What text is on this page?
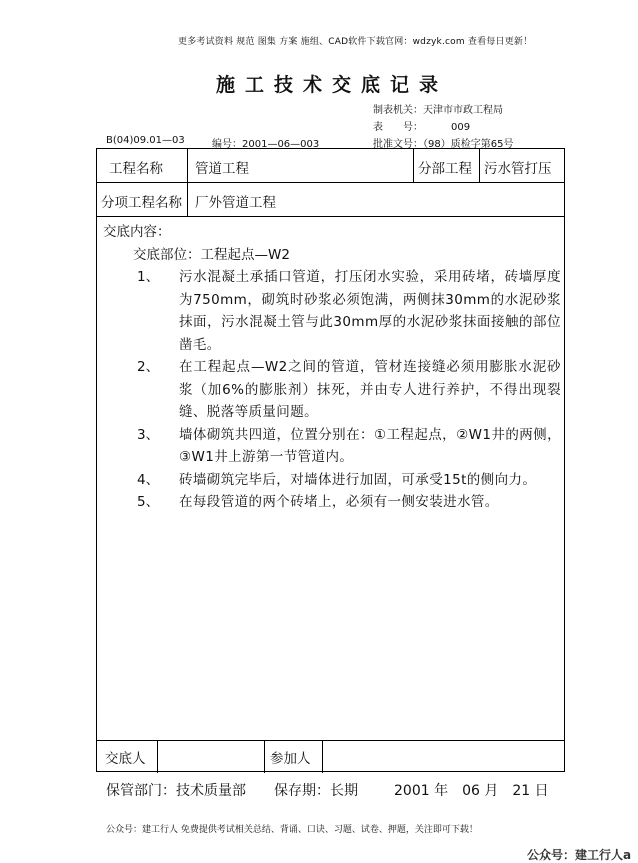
更多考试资料 规范 图集 方案 施组、CAD软件下载官网：wdzyk.com 查看每日更新！
施工技术交底记录
制表机关：天津市市政工程局
表　　号：	009
B(04)09.01—03	编号：2001—06—003	批准文号：（98）质检字第65号
工程名称 管道工程	分部工程 污水管打压
分项工程名称 厂外管道工程

交底内容：

交底部位：工程起点—W2

1、	污水混凝土承插口管道，打压闭水实验，采用砖堵，砖墙厚度为750mm，砌筑时砂浆必须饱满，两侧抹30mm的水泥砂浆抹面，污水混凝土管与此30mm厚的水泥砂浆抹面接触的部位凿毛。
2、	在工程起点—W2之间的管道，管材连接缝必须用膨胀水泥砂浆（加6%的膨胀剂）抹死，并由专人进行养护，不得出现裂缝、脱落等质量问题。
3、	墙体砌筑共四道，位置分别在：①工程起点，②W1井的两侧，③W1井上游第一节管道内。
4、	砖墙砌筑完毕后，对墙体进行加固，可承受15t的侧向力。
5、	在每段管道的两个砖堵上，必须有一侧安装进水管。
交底人	参加人
保管部门：技术质量部 保存期：长期	2001 年　06 月　21 日
公众号：建工行人 免费提供考试相关总结、背诵、口诀、习题、试卷、押题，关注即可下载！
公众号：建工行人a
